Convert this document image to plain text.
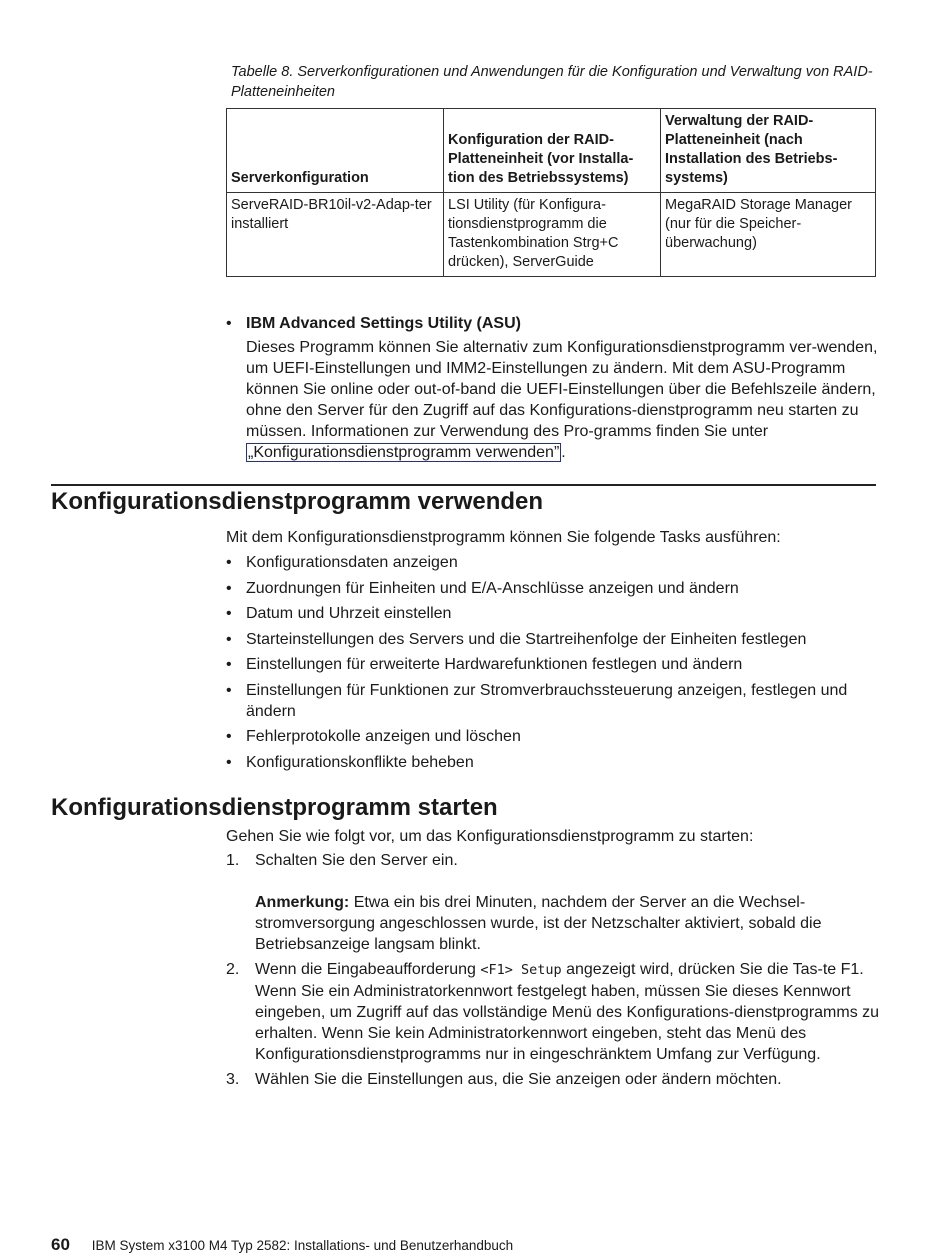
Tabelle 8. Serverkonfigurationen und Anwendungen für die Konfiguration und Verwaltung von RAID-Platteneinheiten
Serverkonfiguration	Konfiguration der RAID-Platteneinheit (vor Installa-tion des Betriebssystems)	Verwaltung der RAID-Platteneinheit (nach Installation des Betriebs-systems)
ServeRAID-BR10il-v2-Adap-ter installiert	LSI Utility (für Konfigura-tionsdienstprogramm die Tastenkombination Strg+C drücken), ServerGuide	MegaRAID Storage Manager (nur für die Speicher-überwachung)
• IBM Advanced Settings Utility (ASU)
Dieses Programm können Sie alternativ zum Konfigurationsdienstprogramm ver-wenden, um UEFI-Einstellungen und IMM2-Einstellungen zu ändern. Mit dem ASU-Programm können Sie online oder out-of-band die UEFI-Einstellungen über die Befehlszeile ändern, ohne den Server für den Zugriff auf das Konfigurations-dienstprogramm neu starten zu müssen. Informationen zur Verwendung des Pro-gramms finden Sie unter „Konfigurationsdienstprogramm verwenden” .
Konfigurationsdienstprogramm verwenden

Mit dem Konfigurationsdienstprogramm können Sie folgende Tasks ausführen:

• Konfigurationsdaten anzeigen
• Zuordnungen für Einheiten und E/A-Anschlüsse anzeigen und ändern
• Datum und Uhrzeit einstellen
• Starteinstellungen des Servers und die Startreihenfolge der Einheiten festlegen
• Einstellungen für erweiterte Hardwarefunktionen festlegen und ändern
• Einstellungen für Funktionen zur Stromverbrauchssteuerung anzeigen, festlegen und ändern
• Fehlerprotokolle anzeigen und löschen
• Konfigurationskonflikte beheben
Konfigurationsdienstprogramm starten

Gehen Sie wie folgt vor, um das Konfigurationsdienstprogramm zu starten:

1. Schalten Sie den Server ein.
Anmerkung: Etwa ein bis drei Minuten, nachdem der Server an die Wechsel-stromversorgung angeschlossen wurde, ist der Netzschalter aktiviert, sobald die Betriebsanzeige langsam blinkt.
2. Wenn die Eingabeaufforderung <F1> Setup angezeigt wird, drücken Sie die Tas-te F1. Wenn Sie ein Administratorkennwort festgelegt haben, müssen Sie dieses Kennwort eingeben, um Zugriff auf das vollständige Menü des Konfigurations-dienstprogramms zu erhalten. Wenn Sie kein Administratorkennwort eingeben, steht das Menü des Konfigurationsdienstprogramms nur in eingeschränktem Umfang zur Verfügung.
3. Wählen Sie die Einstellungen aus, die Sie anzeigen oder ändern möchten.
60 IBM System x3100 M4 Typ 2582: Installations- und Benutzerhandbuch
